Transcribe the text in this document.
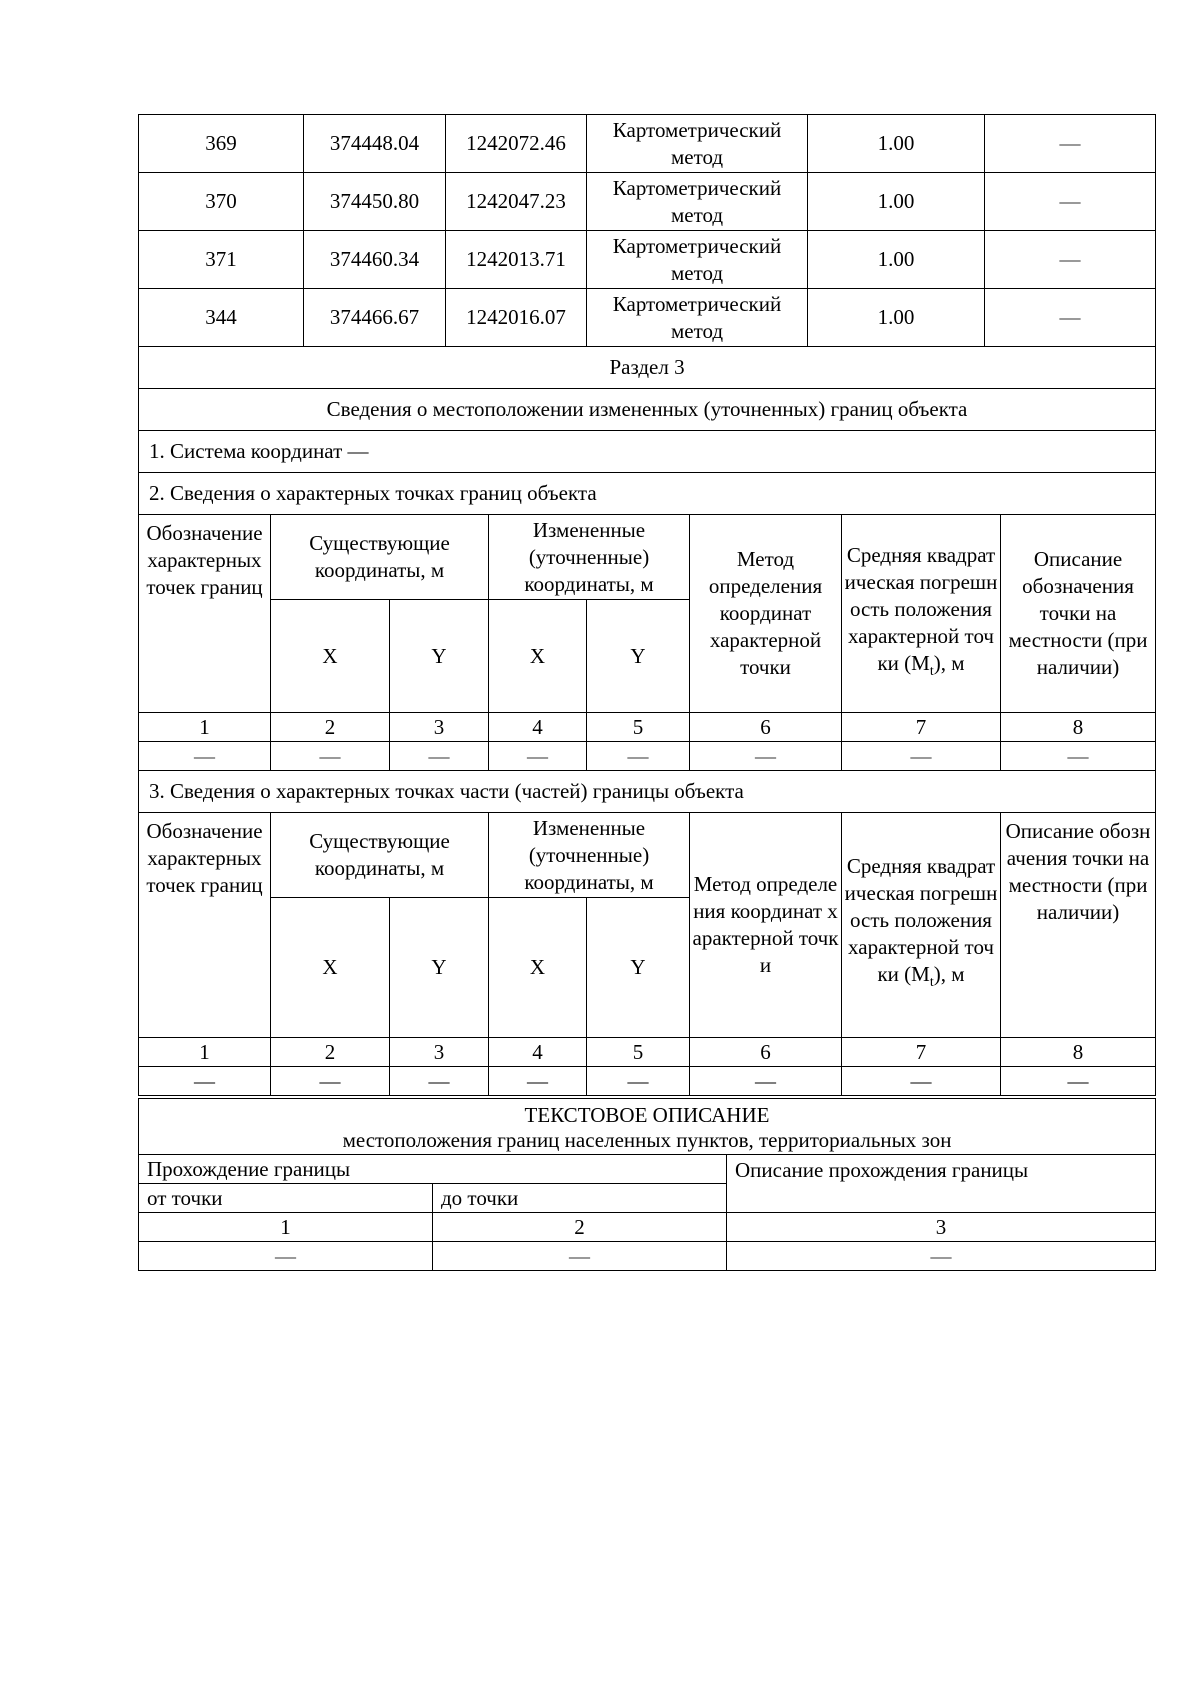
369	374448.04	1242072.46	Картометрический метод	1.00	—
370	374450.80	1242047.23	Картометрический метод	1.00	—
371	374460.34	1242013.71	Картометрический метод	1.00	—
344	374466.67	1242016.07	Картометрический метод	1.00	—
Раздел 3							
Сведения о местоположении измененных (уточненных) границ объекта							
1. Система координат —							
2. Сведения о характерных точках границ объекта							
Обозначение характерных точек границ	Существующие координаты, м		Измененные (уточненные) координаты, м		Метод определения координат характерной точки	Средняя квадратическая погрешность положения характерной точки $(M_t)$, м	Описание обозначения точки на местности (при наличии)
	X	Y	X	Y			
1	2	3	4	5	6	7	8
—	—	—	—	—	—	—	—
3. Сведения о характерных точках части (частей) границы объекта							
Обозначение характерных точек границ	Существующие координаты, м		Измененные (уточненные) координаты, м		Метод определения координат характерной точки	Средняя квадратическая погрешность положения характерной точки $(M_t)$, м	Описание обозначения точки на местности (при наличии)
	X	Y	X	Y			
1	2	3	4	5	6	7	8
—	—	—	—	—	—	—	—
ТЕКСТОВОЕ ОПИСАНИЕ
местоположения границ населенных пунктов, территориальных зон		

Прохождение границы		Описание прохождения границы
от точки	до точки	
1	2	3
—	—	—
